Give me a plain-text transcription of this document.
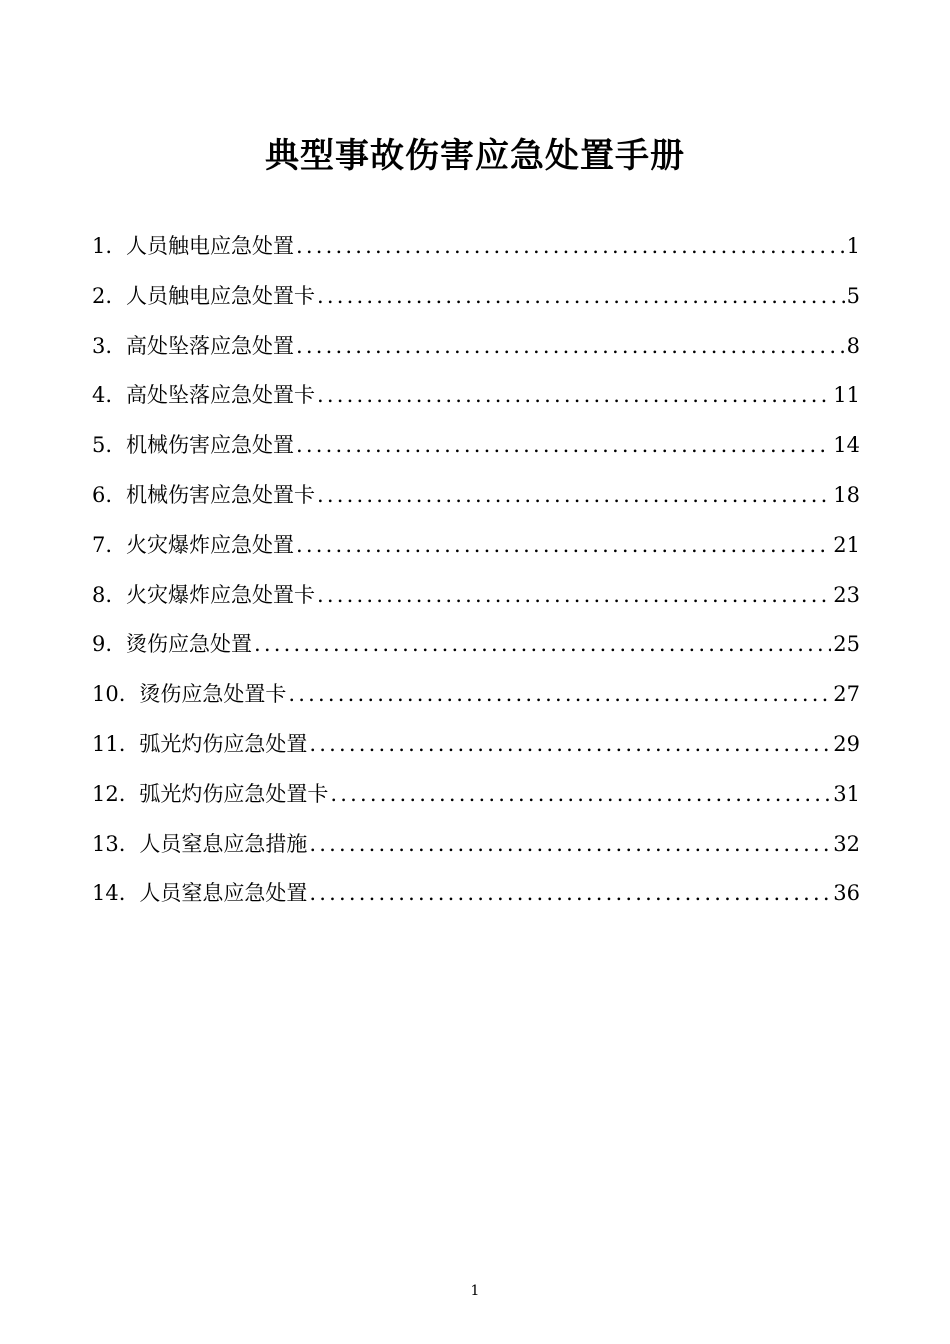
典型事故伤害应急处置手册
1. 人员触电应急处置 .....	1
2. 人员触电应急处置卡 .....	5
3. 高处坠落应急处置 .....	8
4. 高处坠落应急处置卡 .....	11
5. 机械伤害应急处置 .....	14
6. 机械伤害应急处置卡 .....	18
7. 火灾爆炸应急处置 .....	21
8. 火灾爆炸应急处置卡 .....	23
9. 烫伤应急处置 .....	25
10. 烫伤应急处置卡 .....	27
11. 弧光灼伤应急处置 .....	29
12. 弧光灼伤应急处置卡 .....	31
13. 人员窒息应急措施 .....	32
14. 人员窒息应急处置 .....	36
1
